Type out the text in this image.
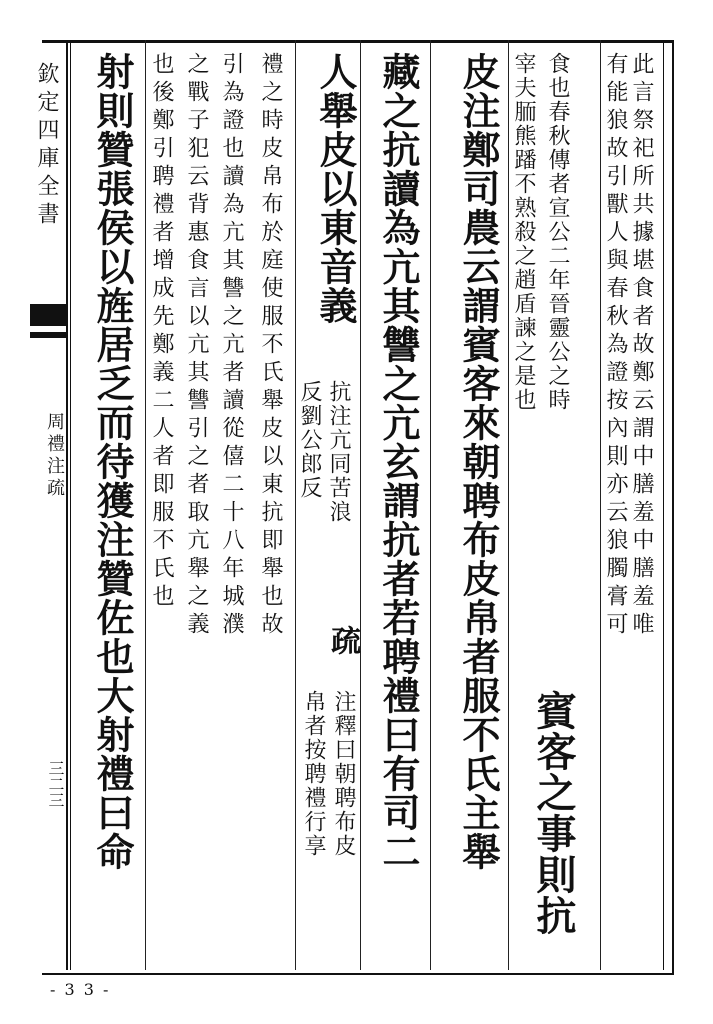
欽定四庫全書
周禮注疏
三二三
此言祭祀所共據堪食者故鄭云謂中膳羞中膳羞唯
有能狼故引獸人與春秋為證按內則亦云狼臅膏可
食也春秋傳者宣公二年晉靈公之時
宰夫胹熊蹯不熟殺之趙盾諫之是也
賓客之事則抗
皮注鄭司農云謂賓客來朝聘布皮帛者服不氏主舉
藏之抗讀為亢其讐之亢玄謂抗者若聘禮曰有司二
人舉皮以東音義
抗注亢同苦浪
反劉公郎反
疏
注釋曰朝聘布皮
帛者按聘禮行享
禮之時皮帛布於庭使服不氏舉皮以東抗即舉也故
引為證也讀為亢其讐之亢者讀從僖二十八年城濮
之戰子犯云背惠食言以亢其讐引之者取亢舉之義
也後鄭引聘禮者增成先鄭義二人者即服不氏也
射則贊張侯以旌居乏而待獲注贊佐也大射禮曰命
- 3 3 -
